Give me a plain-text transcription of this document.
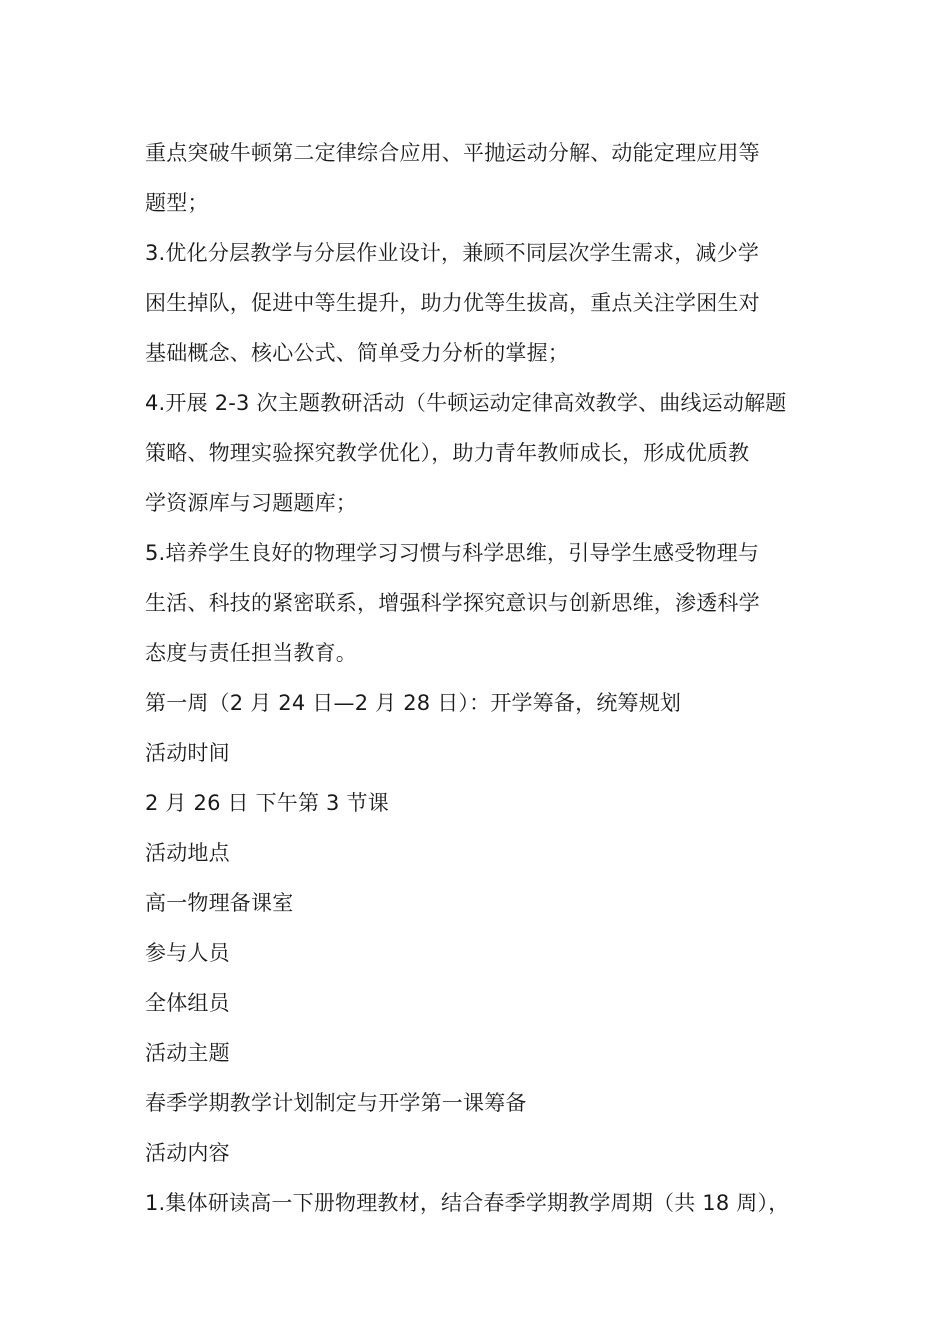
重点突破牛顿第二定律综合应用、平抛运动分解、动能定理应用等
题型；
3.优化分层教学与分层作业设计，兼顾不同层次学生需求，减少学
困生掉队，促进中等生提升，助力优等生拔高，重点关注学困生对
基础概念、核心公式、简单受力分析的掌握；
4.开展 2-3 次主题教研活动（牛顿运动定律高效教学、曲线运动解题
策略、物理实验探究教学优化），助力青年教师成长，形成优质教
学资源库与习题题库；
5.培养学生良好的物理学习习惯与科学思维，引导学生感受物理与
生活、科技的紧密联系，增强科学探究意识与创新思维，渗透科学
态度与责任担当教育。
第一周（2 月 24 日—2 月 28 日）：开学筹备，统筹规划
活动时间
2 月 26 日 下午第 3 节课
活动地点
高一物理备课室
参与人员
全体组员
活动主题
春季学期教学计划制定与开学第一课筹备
活动内容
1.集体研读高一下册物理教材，结合春季学期教学周期（共 18 周），
